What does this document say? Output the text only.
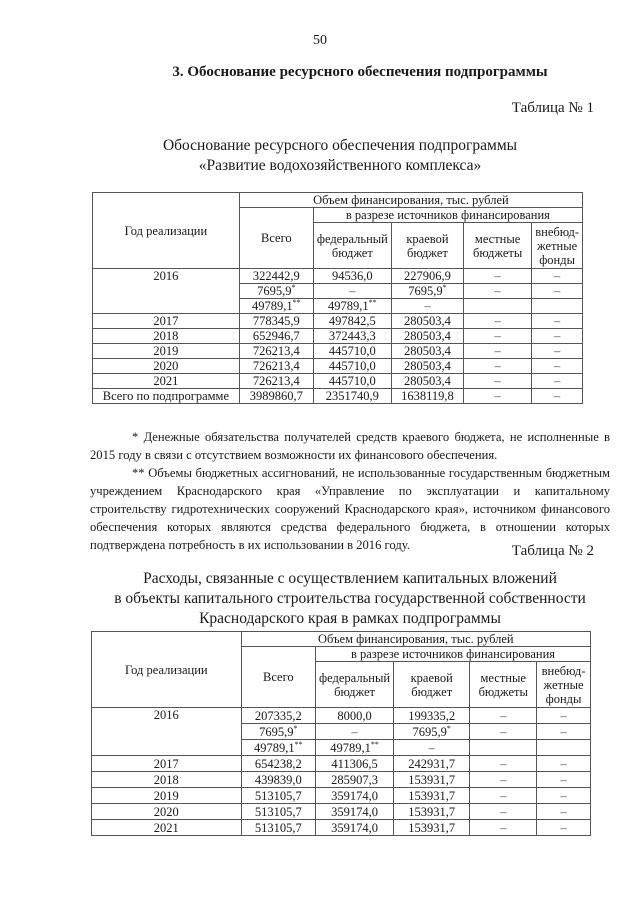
50
3. Обоснование ресурсного обеспечения подпрограммы
Таблица № 1
Обоснование ресурсного обеспечения подпрограммы
«Развитие водохозяйственного комплекса»
Год реализации	Объем финансирования, тыс. рублей				
	Всего	в разрезе источников финансирования			
		федеральный бюджет	краевой бюджет	местные бюджеты	внебюд-жетные фонды
2016	322442,9	94536,0	227906,9	–	–
	7695,9*	–	7695,9*	–	–
	49789,1**	49789,1**	–		
2017	778345,9	497842,5	280503,4	–	–
2018	652946,7	372443,3	280503,4	–	–
2019	726213,4	445710,0	280503,4	–	–
2020	726213,4	445710,0	280503,4	–	–
2021	726213,4	445710,0	280503,4	–	–
Всего по подпрограмме	3989860,7	2351740,9	1638119,8	–	–

* Денежные обязательства получателей средств краевого бюджета, не исполненные в 2015 году в связи с отсутствием возможности их финансового обеспечения.

** Объемы бюджетных ассигнований, не использованные государственным бюджетным учреждением Краснодарского края «Управление по эксплуатации и капитальному строительству гидротехнических сооружений Краснодарского края», источником финансового обеспечения которых являются средства федерального бюджета, в отношении которых подтверждена потребность в их использовании в 2016 году.	Таблица № 2
Расходы, связанные с осуществлением капитальных вложений
в объекты капитального строительства государственной собственности
Краснодарского края в рамках подпрограммы
Год реализации	Объем финансирования, тыс. рублей				
	Всего	в разрезе источников финансирования			
		федеральный бюджет	краевой бюджет	местные бюджеты	внебюд-жетные фонды
2016	207335,2	8000,0	199335,2	–	–
	7695,9*	–	7695,9*	–	–
	49789,1**	49789,1**	–		
2017	654238,2	411306,5	242931,7	–	–
2018	439839,0	285907,3	153931,7	–	–
2019	513105,7	359174,0	153931,7	–	–
2020	513105,7	359174,0	153931,7	–	–
2021	513105,7	359174,0	153931,7	–	–
